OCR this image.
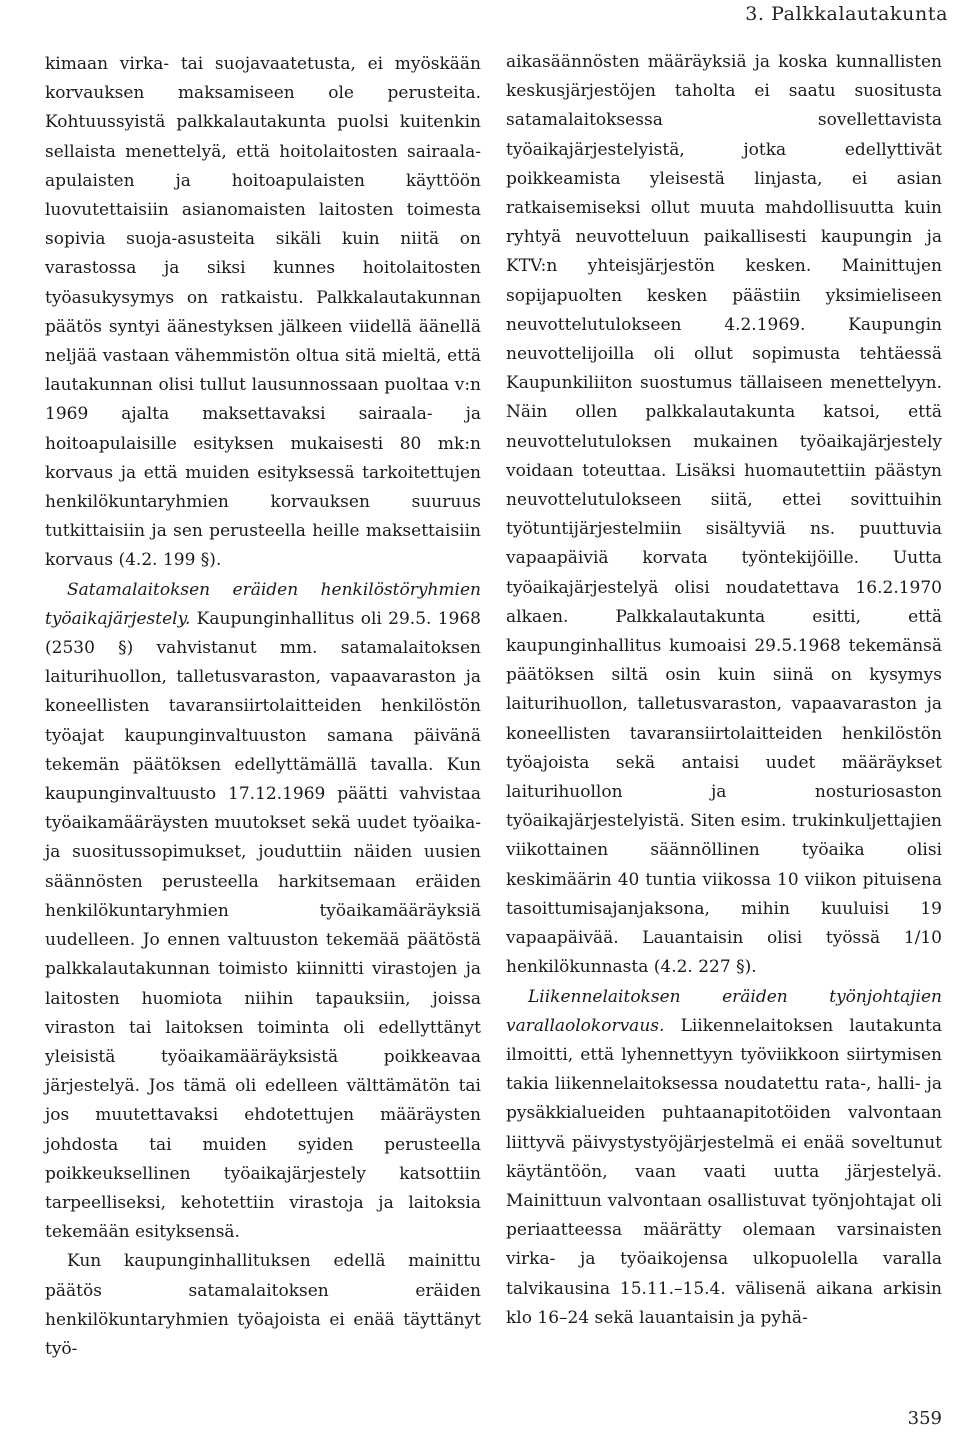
3. Palkkalautakunta

kimaan virka- tai suojavaatetusta, ei myöskään korvauksen maksamiseen ole perusteita. Kohtuussyistä palkkalautakunta puolsi kuitenkin sellaista menettelyä, että hoitolaitosten sairaala-apulaisten ja hoitoapulaisten käyttöön luovutettaisiin asianomaisten laitosten toimesta sopivia suoja-asusteita sikäli kuin niitä on varastossa ja siksi kunnes hoitolaitosten työasukysymys on ratkaistu. Palkkalautakunnan päätös syntyi äänestyksen jälkeen viidellä äänellä neljää vastaan vähemmistön oltua sitä mieltä, että lautakunnan olisi tullut lausunnossaan puoltaa v:n 1969 ajalta maksettavaksi sairaala- ja hoitoapulaisille esityksen mukaisesti 80 mk:n korvaus ja että muiden esityksessä tarkoitettujen henkilökuntaryhmien korvauksen suuruus tutkittaisiin ja sen perusteella heille maksettaisiin korvaus (4.2. 199 §).

Satamalaitoksen eräiden henkilöstöryhmien työaikajärjestely. Kaupunginhallitus oli 29.5. 1968 (2530 §) vahvistanut mm. satamalaitoksen laiturihuollon, talletusvaraston, vapaavaraston ja koneellisten tavaransiirtolaitteiden henkilöstön työajat kaupunginvaltuuston samana päivänä tekemän päätöksen edellyttämällä tavalla. Kun kaupunginvaltuusto 17.12.1969 päätti vahvistaa työaikamääräysten muutokset sekä uudet työaika- ja suositussopimukset, jouduttiin näiden uusien säännösten perusteella harkitsemaan eräiden henkilökuntaryhmien työaikamääräyksiä uudelleen. Jo ennen valtuuston tekemää päätöstä palkkalautakunnan toimisto kiinnitti virastojen ja laitosten huomiota niihin tapauksiin, joissa viraston tai laitoksen toiminta oli edellyttänyt yleisistä työaikamääräyksistä poikkeavaa järjestelyä. Jos tämä oli edelleen välttämätön tai jos muutettavaksi ehdotettujen määräysten johdosta tai muiden syiden perusteella poikkeuksellinen työaikajärjestely katsottiin tarpeelliseksi, kehotettiin virastoja ja laitoksia tekemään esityksensä.

Kun kaupunginhallituksen edellä mainittu päätös satamalaitoksen eräiden henkilökuntaryhmien työajoista ei enää täyttänyt työ-

aikasäännösten määräyksiä ja koska kunnallisten keskusjärjestöjen taholta ei saatu suositusta satamalaitoksessa sovellettavista työaikajärjestelyistä, jotka edellyttivät poikkeamista yleisestä linjasta, ei asian ratkaisemiseksi ollut muuta mahdollisuutta kuin ryhtyä neuvotteluun paikallisesti kaupungin ja KTV:n yhteisjärjestön kesken. Mainittujen sopijapuolten kesken päästiin yksimieliseen neuvottelutulokseen 4.2.1969. Kaupungin neuvottelijoilla oli ollut sopimusta tehtäessä Kaupunkiliiton suostumus tällaiseen menettelyyn. Näin ollen palkkalautakunta katsoi, että neuvottelutuloksen mukainen työaikajärjestely voidaan toteuttaa. Lisäksi huomautettiin päästyn neuvottelutulokseen siitä, ettei sovittuihin työtuntijärjestelmiin sisältyviä ns. puuttuvia vapaapäiviä korvata työntekijöille. Uutta työaikajärjestelyä olisi noudatettava 16.2.1970 alkaen. Palkkalautakunta esitti, että kaupunginhallitus kumoaisi 29.5.1968 tekemänsä päätöksen siltä osin kuin siinä on kysymys laiturihuollon, talletusvaraston, vapaavaraston ja koneellisten tavaransiirtolaitteiden henkilöstön työajoista sekä antaisi uudet määräykset laiturihuollon ja nosturiosaston työaikajärjestelyistä. Siten esim. trukinkuljettajien viikottainen säännöllinen työaika olisi keskimäärin 40 tuntia viikossa 10 viikon pituisena tasoittumisajanjaksona, mihin kuuluisi 19 vapaapäivää. Lauantaisin olisi työssä 1/10 henkilökunnasta (4.2. 227 §).

Liikennelaitoksen eräiden työnjohtajien varallaolokorvaus. Liikennelaitoksen lautakunta ilmoitti, että lyhennettyyn työviikkoon siirtymisen takia liikennelaitoksessa noudatettu rata-, halli- ja pysäkkialueiden puhtaanapitotöiden valvontaan liittyvä päivystystyöjärjestelmä ei enää soveltunut käytäntöön, vaan vaati uutta järjestelyä. Mainittuun valvontaan osallistuvat työnjohtajat oli periaatteessa määrätty olemaan varsinaisten virka- ja työaikojensa ulkopuolella varalla talvikausina 15.11.–15.4. välisenä aikana arkisin klo 16–24 sekä lauantaisin ja pyhä-

359
